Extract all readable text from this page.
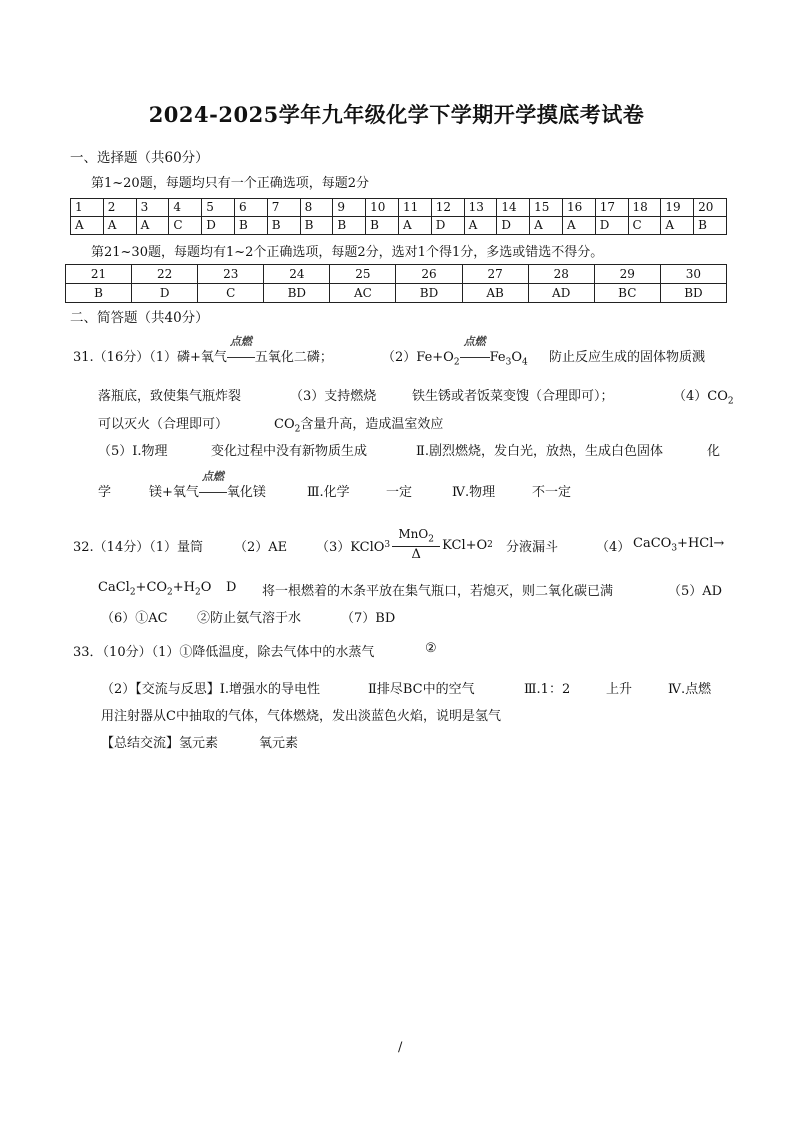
2024-2025学年九年级化学下学期开学摸底考试卷
一、选择题（共60分）
第1~20题，每题均只有一个正确选项，每题2分
1	2	3	4	5	6	7	8	9	10	11	12	13	14	15	16	17	18	19	20
A	A	A	C	D	B	B	B	B	B	A	D	A	D	A	A	D	C	A	B
第21~30题，每题均有1~2个正确选项，每题2分，选对1个得1分，多选或错选不得分。
21	22	23	24	25	26	27	28	29	30
B	D	C	BD	AC	BD	AB	AD	BC	BD
二、简答题（共40分）
31.（16分）（1）磷+氧气
点燃
五氧化二磷；	$(2)Fe+O_2$
点燃
$Fe_3O_4$ 防止反应生成的固体物质溅
落瓶底，致使集气瓶炸裂	（3）支持燃烧	铁生锈或者饭菜变馊（合理即可）；	$(4)CO_2$
可以灭火（合理即可）	$CO_2$含量升高，造成温室效应
（5）Ⅰ.物理	变化过程中没有新物质生成	Ⅱ.剧烈燃烧，发白光，放热，生成白色固体	化
学	镁+氧气
点燃
氧化镁	Ⅲ.化学	一定	Ⅳ.物理	不一定
32.（14分）（1）量筒 （2）AE （3）KClO $3 \frac{MnO_2}{\Delta} KCl+O$ 2 分液漏斗	（4） CaCO$_3$+HCl→
$CaCl_2+CO_2+H_2O$ D 将一根燃着的木条平放在集气瓶口，若熄灭，则二氧化碳已满	（5）AD
（6）①AC ②防止氨气溶于水	（7）BD
33．（10分）（1）①降低温度，除去气体中的水蒸气	②
（2）【交流与反思】Ⅰ.增强水的导电性	Ⅱ排尽BC中的空气	Ⅲ.1：2	上升	Ⅳ.点燃
用注射器从C中抽取的气体，气体燃烧，发出淡蓝色火焰，说明是氢气
【总结交流】氢元素	氧元素
/
